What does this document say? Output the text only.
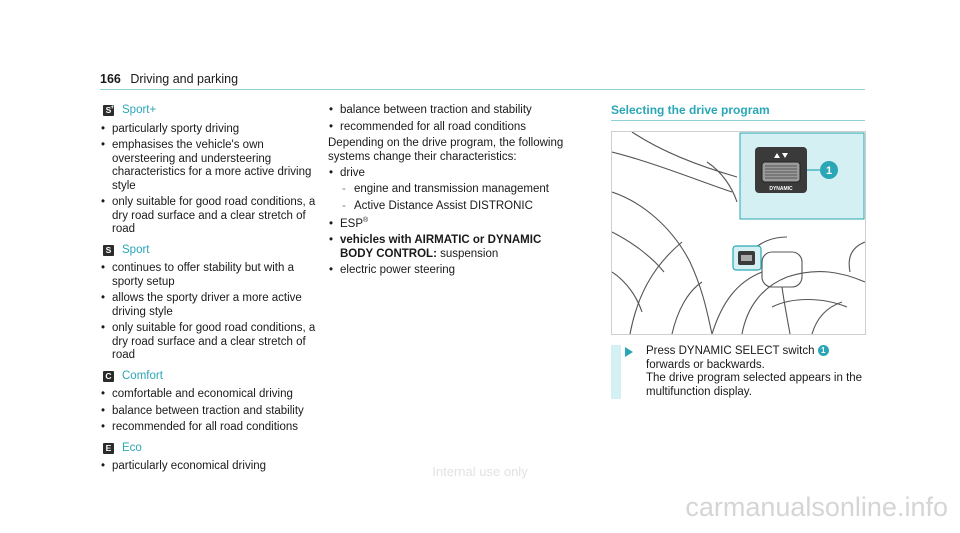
166 Driving and parking
S + Sport+
• particularly sporty driving
• emphasises the vehicle's own oversteering and understeering characteristics for a more active driving style
• only suitable for good road conditions, a dry road surface and a clear stretch of road
S Sport
• continues to offer stability but with a sporty setup
• allows the sporty driver a more active driving style
• only suitable for good road conditions, a dry road surface and a clear stretch of road
C Comfort
• comfortable and economical driving
• balance between traction and stability
• recommended for all road conditions
E Eco
• particularly economical driving
• balance between traction and stability
• recommended for all road conditions
Depending on the drive program, the following systems change their characteristics:
• drive
- engine and transmission management
- Active Distance Assist DISTRONIC
• ESP®
• vehicles with AIRMATIC or DYNAMIC BODY CONTROL: suspension
• electric power steering
Selecting the drive program
DYNAMIC
1
Press DYNAMIC SELECT switch 1 forwards or backwards.
The drive program selected appears in the multifunction display.
Internal use only
carmanualsonline.info
